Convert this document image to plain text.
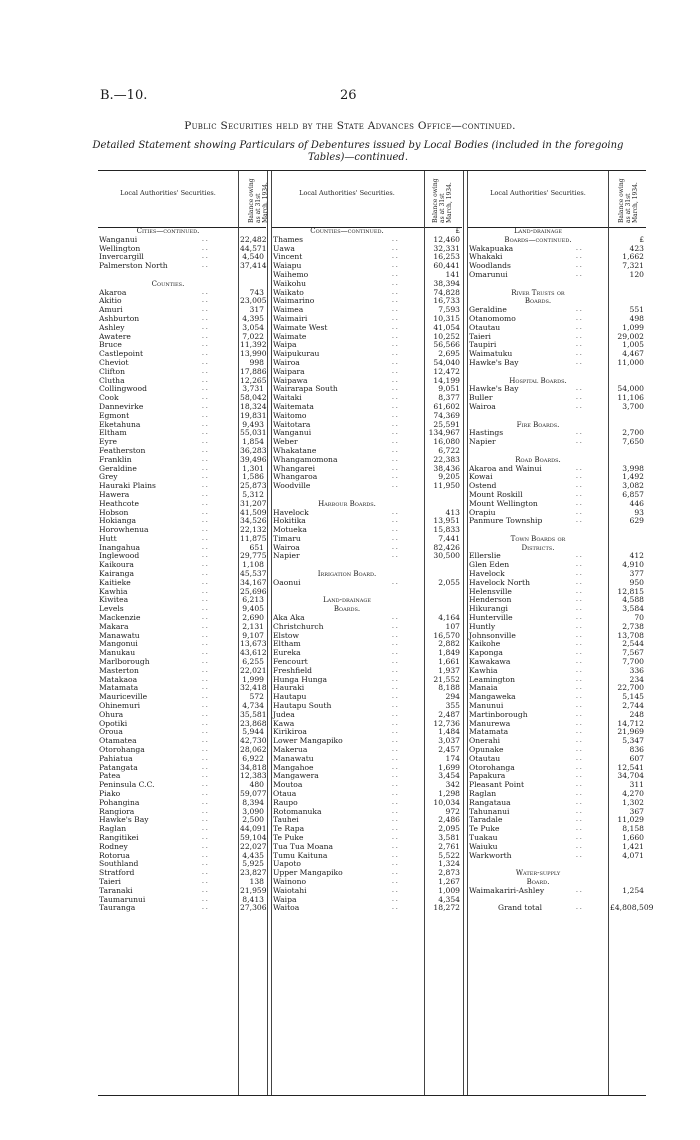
B.—10.	26
Public Securities held by the State Advances Office—continued.
Detailed Statement showing Particulars of Debentures issued by Local Bodies (included in the foregoing Tables)—continued.
Local Authorities' Securities.	Balance owing as at 31st March, 1934.
Cities—continued.
Wanganui	. .	22,482
Wellington	. .	44,571
Invercargill	. .	4,540
Palmerston North	. .	37,414
Counties.
Akaroa	. .	743
Akitio	. .	23,005
Amuri	. .	317
Ashburton	. .	4,395
Ashley	. .	3,054
Awatere	. .	7,022
Bruce	. .	11,392
Castlepoint	. .	13,990
Cheviot	. .	998
Clifton	. .	17,886
Clutha	. .	12,265
Collingwood	. .	3,731
Cook	. .	58,042
Dannevirke	. .	18,324
Egmont	. .	19,831
Eketahuna	. .	9,493
Eltham	. .	55,031
Eyre	. .	1,854
Featherston	. .	36,283
Franklin	. .	39,496
Geraldine	. .	1,301
Grey	. .	1,586
Hauraki Plains	. .	25,873
Hawera	. .	5,312
Heathcote	. .	31,207
Hobson	. .	41,509
Hokianga	. .	34,526
Horowhenua	. .	22,132
Hutt	. .	11,875
Inangahua	. .	651
Inglewood	. .	29,775
Kaikoura	. .	1,108
Kairanga	. .	45,537
Kaitieke	. .	34,167
Kawhia	. .	25,696
Kiwitea	. .	6,213
Levels	. .	9,405
Mackenzie	. .	2,690
Makara	. .	2,131
Manawatu	. .	9,107
Mangonui	. .	13,673
Manukau	. .	43,612
Marlborough	. .	6,255
Masterton	. .	22,021
Matakaoa	. .	1,999
Matamata	. .	32,418
Mauriceville	. .	572
Ohinemuri	. .	4,734
Ohura	. .	35,581
Opotiki	. .	23,868
Oroua	. .	5,944
Otamatea	. .	42,730
Otorohanga	. .	28,062
Pahiatua	. .	6,922
Patangata	. .	34,818
Patea	. .	12,383
Peninsula C.C.	. .	480
Piako	. .	59,077
Pohangina	. .	8,394
Rangiora	. .	3,090
Hawke's Bay	. .	2,500
Raglan	. .	44,091
Rangitikei	. .	59,104
Rodney	. .	22,027
Rotorua	. .	4,435
Southland	. .	5,925
Stratford	. .	23,827
Taieri	. .	138
Taranaki	. .	21,959
Taumarunui	. .	8,413
Tauranga	. .	27,306
Local Authorities' Securities.	Balance owing as at 31st March, 1934.
Counties—continued.	£
Thames	. .	12,460
Uawa	. .	32,331
Vincent	. .	16,253
Waiapu	. .	60,441
Waihemo	. .	141
Waikohu	. .	38,394
Waikato	. .	74,828
Waimarino	. .	16,733
Waimea	. .	7,593
Waimairi	. .	10,315
Waimate West	. .	41,054
Waimate	. .	10,252
Waipa	. .	56,566
Waipukurau	. .	2,695
Wairoa	. .	54,040
Waipara	. .	12,472
Waipawa	. .	14,199
Wairarapa South	. .	9,051
Waitaki	. .	8,377
Waitemata	. .	61,602
Waitomo	. .	74,369
Waitotara	. .	25,591
Wanganui	. .	134,967
Weber	. .	16,080
Whakatane	. .	6,722
Whangamomona	. .	22,383
Whangarei	. .	38,436
Whangaroa	. .	9,205
Woodville	. .	11,950
Harbour Boards.
Havelock	. .	413
Hokitika	. .	13,951
Motueka	. .	15,833
Timaru	. .	7,441
Wairoa	. .	82,426
Napier	. .	30,500
Irrigation Board.
Oaonui	. .	2,055
Land-drainage
Boards.
Aka Aka	. .	4,164
Christchurch	. .	107
Elstow	. .	16,570
Eltham	. .	2,882
Eureka	. .	1,849
Fencourt	. .	1,661
Freshfield	. .	1,937
Hunga Hunga	. .	21,552
Hauraki	. .	8,188
Hautapu	. .	294
Hautapu South	. .	355
Judea	. .	2,487
Kawa	. .	12,736
Kirikiroa	. .	1,484
Lower Mangapiko	. .	3,037
Makerua	. .	2,457
Manawatu	. .	174
Mangahoe	. .	1,699
Mangawera	. .	3,454
Moutoa	. .	342
Otaua	. .	1,298
Raupo	. .	10,034
Rotomanuka	. .	972
Tauhei	. .	2,486
Te Rapa	. .	2,095
Te Puke	. .	3,581
Tua Tua Moana	. .	2,761
Tumu Kaituna	. .	5,522
Uapoto	. .	1,324
Upper Mangapiko	. .	2,873
Wainono	. .	1,267
Waiotahi	. .	1,009
Waipa	. .	4,354
Waitoa	. .	18,272
Local Authorities' Securities.	Balance owing as at 31st March, 1934.
Land-drainage
Boards—continued.	£
Wakapuaka	. .	423
Whakaki	. .	1,662
Woodlands	. .	7,321
Omarunui	. .	120
River Trusts or
Boards.
Geraldine	. .	551
Otanomomo	. .	498
Otautau	. .	1,099
Taieri	. .	29,002
Taupiri	. .	1,005
Waimatuku	. .	4,467
Hawke's Bay	. .	11,000
Hospital Boards.
Hawke's Bay	. .	54,000
Buller	. .	11,106
Wairoa	. .	3,700
Fire Boards.
Hastings	. .	2,700
Napier	. .	7,650
Road Boards.
Akaroa and Wainui	. .	3,998
Kowai	. .	1,492
Ostend	. .	3,082
Mount Roskill	. .	6,857
Mount Wellington	. .	446
Orapiu	. .	93
Panmure Township	. .	629
Town Boards or
Districts.
Ellerslie	. .	412
Glen Eden	. .	4,910
Havelock	. .	377
Havelock North	. .	950
Helensville	. .	12,815
Henderson	. .	4,588
Hikurangi	. .	3,584
Hunterville	. .	70
Huntly	. .	2,738
Johnsonville	. .	13,708
Kaikohe	. .	2,544
Kaponga	. .	7,567
Kawakawa	. .	7,700
Kawhia	. .	336
Leamington	. .	234
Manaia	. .	22,700
Mangaweka	. .	5,145
Manunui	. .	2,744
Martinborough	. .	248
Manurewa	. .	14,712
Matamata	. .	21,969
Onerahi	. .	5,347
Opunake	. .	836
Otautau	. .	607
Otorohanga	. .	12,541
Papakura	. .	34,704
Pleasant Point	. .	311
Raglan	. .	4,270
Rangataua	. .	1,302
Tahunanui	. .	367
Taradale	. .	11,029
Te Puke	. .	8,158
Tuakau	. .	1,660
Waiuku	. .	1,421
Warkworth	. .	4,071
Water-supply
Board.
Waimakariri-Ashley	. .	1,254
Grand total	. .	£4,808,509
